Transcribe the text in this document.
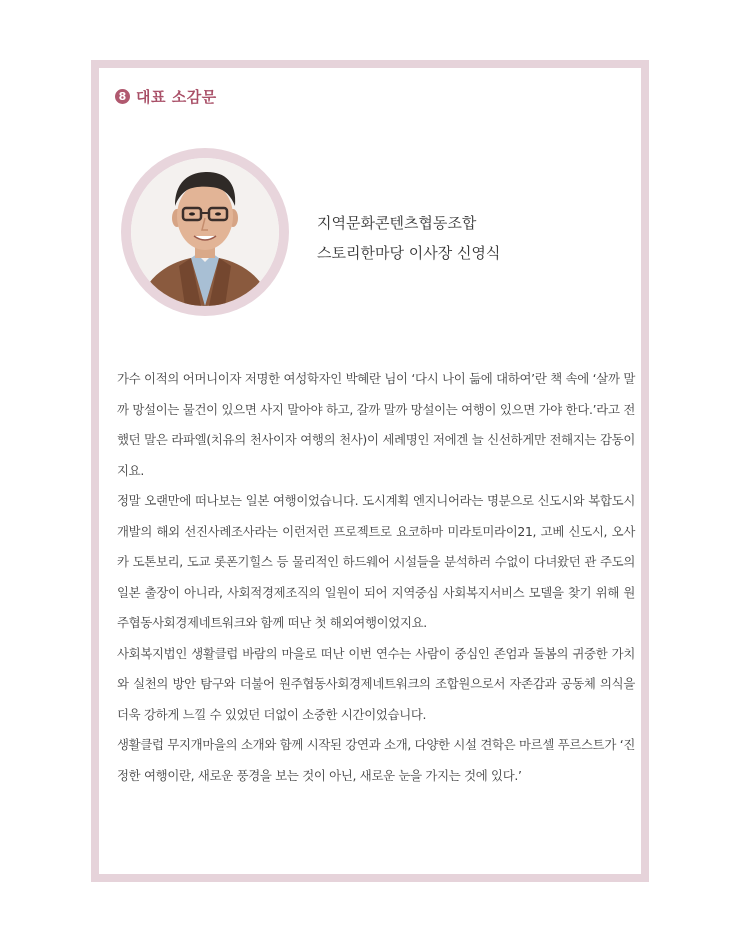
8 대표 소감문
지역문화콘텐츠협동조합
스토리한마당 이사장 신영식

가수 이적의 어머니이자 저명한 여성학자인 박혜란 님이 ‘다시 나이 듦에 대하여’란 책 속에 ‘살까 말까 망설이는 물건이 있으면 사지 말아야 하고, 갈까 말까 망설이는 여행이 있으면 가야 한다.’라고 전했던 말은 라파엘(치유의 천사이자 여행의 천사)이 세례명인 저에겐 늘 신선하게만 전해지는 감동이지요.

정말 오랜만에 떠나보는 일본 여행이었습니다. 도시계획 엔지니어라는 명분으로 신도시와 복합도시개발의 해외 선진사례조사라는 이런저런 프로젝트로 요코하마 미라토미라이21, 고베 신도시, 오사카 도톤보리, 도교 롯폰기힐스 등 물리적인 하드웨어 시설들을 분석하러 수없이 다녀왔던 관 주도의 일본 출장이 아니라, 사회적경제조직의 일원이 되어 지역중심 사회복지서비스 모델을 찾기 위해 원주협동사회경제네트워크와 함께 떠난 첫 해외여행이었지요.

사회복지법인 생활클럽 바람의 마을로 떠난 이번 연수는 사람이 중심인 존엄과 돌봄의 귀중한 가치와 실천의 방안 탐구와 더불어 원주협동사회경제네트워크의 조합원으로서 자존감과 공동체 의식을 더욱 강하게 느낄 수 있었던 더없이 소중한 시간이었습니다.

생활클럽 무지개마을의 소개와 함께 시작된 강연과 소개, 다양한 시설 견학은 마르셀 푸르스트가 ‘진정한 여행이란, 새로운 풍경을 보는 것이 아닌, 새로운 눈을 가지는 것에 있다.’
